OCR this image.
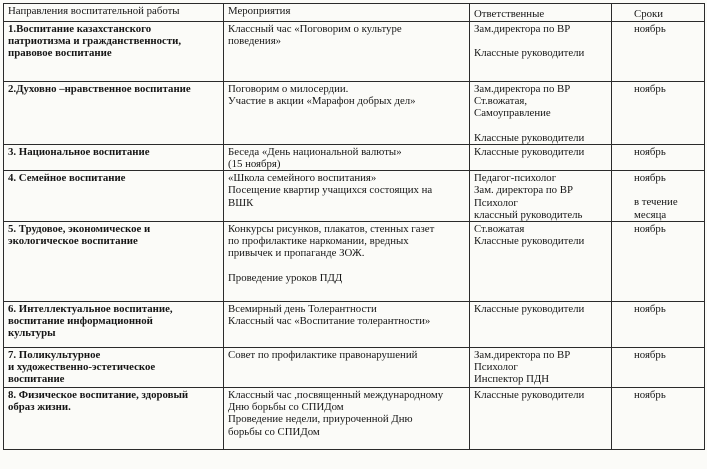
Направления воспитательной работы	Мероприятия	Ответственные	Сроки

1.Воспитание казахстанского
патриотизма и гражданственности,
правовое воспитание	Классный час «Поговорим о культуре
поведения»	Зам.директора по ВР
Классные руководители	ноябрь

2.Духовно –нравственное воспитание	Поговорим о милосердии.
Участие в акции «Марафон добрых дел»	Зам.директора по ВР
Ст.вожатая,
Самоуправление
Классные руководители	ноябрь

3. Национальное воспитание	Беседа «День национальной валюты»
(15 ноября)	Классные руководители	ноябрь

4. Семейное воспитание	«Школа семейного воспитания»
Посещение квартир учащихся состоящих на
ВШК	Педагог-психолог
Зам. директора по ВР
Психолог
классный руководитель	ноябрь
в течение
месяца

5. Трудовое, экономическое и
экологическое воспитание	Конкурсы рисунков, плакатов, стенных газет
по профилактике наркомании, вредных
привычек и пропаганде ЗОЖ.
Проведение уроков ПДД	Ст.вожатая
Классные руководители	ноябрь

6. Интеллектуальное воспитание,
воспитание информационной
культуры	Всемирный день Толерантности
Классный час «Воспитание толерантности»	Классные руководители	ноябрь

7. Поликультурное
и художественно-эстетическое
воспитание	Совет по профилактике правонарушений	Зам.директора по ВР
Психолог
Инспектор ПДН	ноябрь

8. Физическое воспитание, здоровый
образ жизни.	Классный час ,посвященный международному
Дню борьбы со СПИДом
Проведение недели, приуроченной Дню
борьбы со СПИДом	Классные руководители	ноябрь
